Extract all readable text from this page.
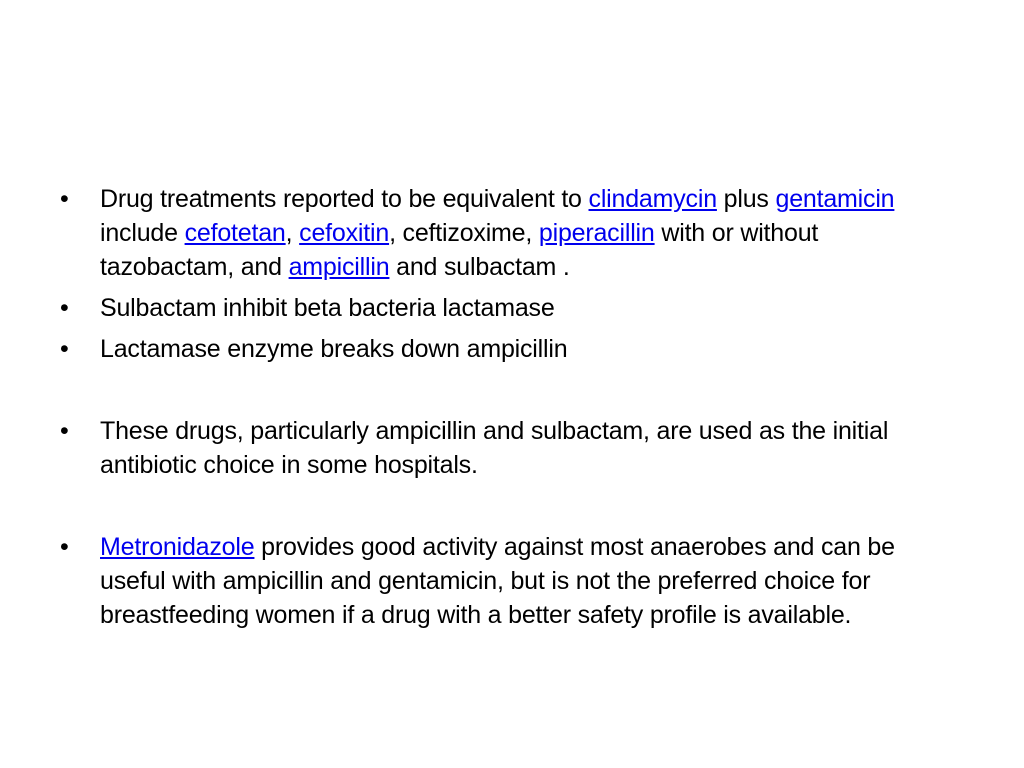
•	Drug treatments reported to be equivalent to clindamycin plus gentamicin include cefotetan, cefoxitin, ceftizoxime, piperacillin with or without tazobactam, and ampicillin and sulbactam .

•	Sulbactam inhibit beta bacteria lactamase

•	Lactamase enzyme breaks down ampicillin

•	These drugs, particularly ampicillin and sulbactam, are used as the initial antibiotic choice in some hospitals.

•	Metronidazole provides good activity against most anaerobes and can be useful with ampicillin and gentamicin, but is not the preferred choice for breastfeeding women if a drug with a better safety profile is available.
